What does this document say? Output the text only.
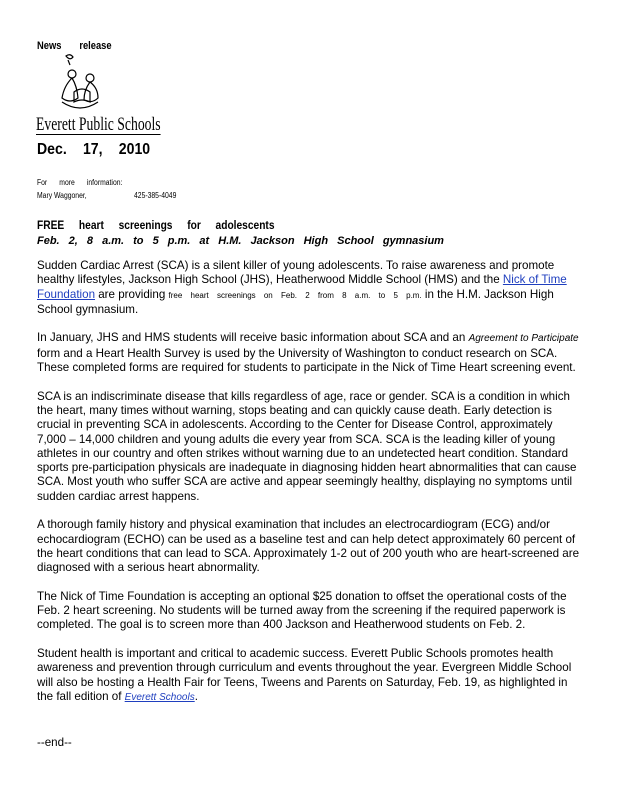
News release
Everett Public Schools
Dec. 17, 2010
For more information:
Mary Waggoner,	425-385-4049
FREE heart screenings for adolescents
Feb. 2, 8 a.m. to 5 p.m. at H.M. Jackson High School gymnasium

Sudden Cardiac Arrest (SCA) is a silent killer of young adolescents. To raise awareness and promote healthy lifestyles, Jackson High School (JHS), Heatherwood Middle School (HMS) and the Nick of Time Foundation are providing free heart screenings on Feb. 2 from 8 a.m. to 5 p.m. in the H.M. Jackson High School gymnasium.

In January, JHS and HMS students will receive basic information about SCA and an Agreement to Participate form and a Heart Health Survey is used by the University of Washington to conduct research on SCA. These completed forms are required for students to participate in the Nick of Time Heart screening event.

SCA is an indiscriminate disease that kills regardless of age, race or gender. SCA is a condition in which the heart, many times without warning, stops beating and can quickly cause death. Early detection is crucial in preventing SCA in adolescents. According to the Center for Disease Control, approximately 7,000 – 14,000 children and young adults die every year from SCA. SCA is the leading killer of young athletes in our country and often strikes without warning due to an undetected heart condition. Standard sports pre-participation physicals are inadequate in diagnosing hidden heart abnormalities that can cause SCA. Most youth who suffer SCA are active and appear seemingly healthy, displaying no symptoms until sudden cardiac arrest happens.

A thorough family history and physical examination that includes an electrocardiogram (ECG) and/or echocardiogram (ECHO) can be used as a baseline test and can help detect approximately 60 percent of the heart conditions that can lead to SCA. Approximately 1-2 out of 200 youth who are heart-screened are diagnosed with a serious heart abnormality.

The Nick of Time Foundation is accepting an optional $25 donation to offset the operational costs of the Feb. 2 heart screening. No students will be turned away from the screening if the required paperwork is completed. The goal is to screen more than 400 Jackson and Heatherwood students on Feb. 2.

Student health is important and critical to academic success. Everett Public Schools promotes health awareness and prevention through curriculum and events throughout the year. Evergreen Middle School will also be hosting a Health Fair for Teens, Tweens and Parents on Saturday, Feb. 19, as highlighted in the fall edition of Everett Schools.

--end--
